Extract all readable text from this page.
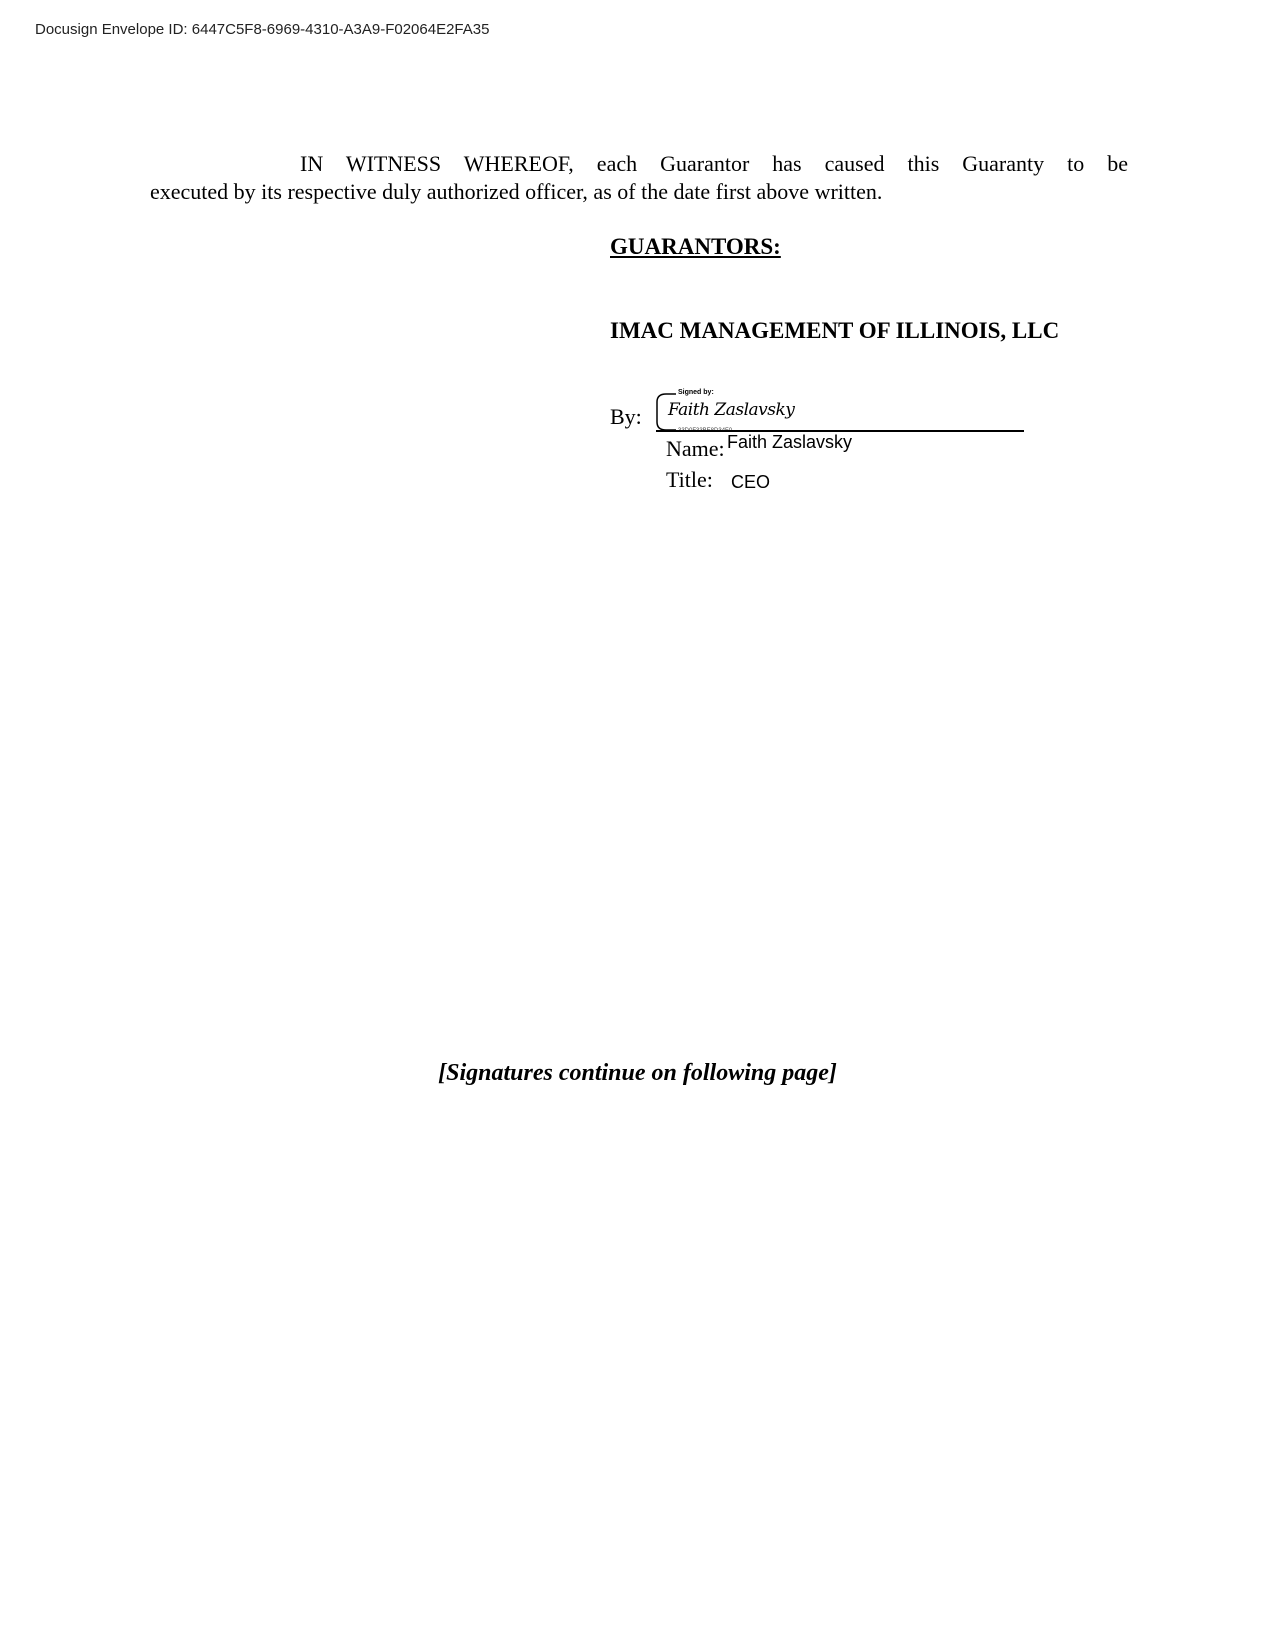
Docusign Envelope ID: 6447C5F8-6969-4310-A3A9-F02064E2FA35
IN WITNESS WHEREOF, each Guarantor has caused this Guaranty to be
executed by its respective duly authorized officer, as of the date first above written.
GUARANTORS:
IMAC MANAGEMENT OF ILLINOIS, LLC
By:
Signed by:
Faith Zaslavsky
33D0F33BE8D34F0...
Name: Faith Zaslavsky
Title: CEO
[Signatures continue on following page]
